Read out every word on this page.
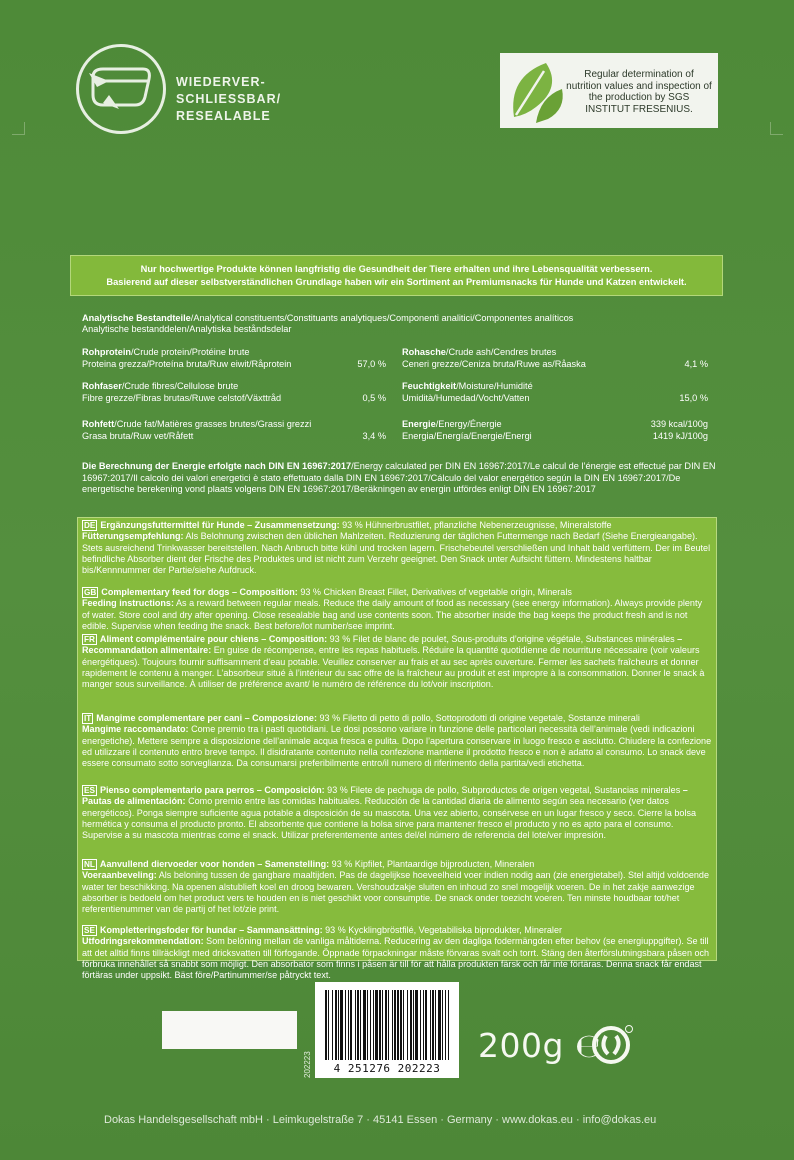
WIEDERVER-
SCHLIESSBAR/
RESEALABLE
Regular determination of nutrition values and inspection of the production by SGS INSTITUT FRESENIUS.
Nur hochwertige Produkte können langfristig die Gesundheit der Tiere erhalten und ihre Lebensqualität verbessern.
Basierend auf dieser selbstverständlichen Grundlage haben wir ein Sortiment an Premiumsnacks für Hunde und Katzen entwickelt.
Analytische Bestandteile/Analytical constituents/Constituants analytiques/Componenti analitici/Componentes analíticos
Analytische bestanddelen/Analytiska beståndsdelar
Rohprotein/Crude protein/Protéine brute
Proteina grezza/Proteína bruta/Ruw eiwit/Råprotein	57,0 %
Rohfaser/Crude fibres/Cellulose brute
Fibre grezze/Fibras brutas/Ruwe celstof/Växttråd	0,5 %
Rohfett/Crude fat/Matières grasses brutes/Grassi grezzi
Grasa bruta/Ruw vet/Råfett	3,4 %
Rohasche/Crude ash/Cendres brutes
Ceneri grezze/Ceniza bruta/Ruwe as/Råaska	4,1 %
Feuchtigkeit/Moisture/Humidité
Umidità/Humedad/Vocht/Vatten	15,0 %
Energie/Energy/Énergie
Energia/Energía/Energie/Energi
339 kcal/100g
1419 kJ/100g
Die Berechnung der Energie erfolgte nach DIN EN 16967:2017/Energy calculated per DIN EN 16967:2017/Le calcul de l’énergie est effectué par DIN EN 16967:2017/Il calcolo dei valori energetici è stato effettuato dalla DIN EN 16967:2017/Cálculo del valor energético según la DIN EN 16967:2017/De energetische berekening vond plaats volgens DIN EN 16967:2017/Beräkningen av energin utfördes enligt DIN EN 16967:2017
DE Ergänzungsfuttermittel für Hunde – Zusammensetzung: 93 % Hühnerbrustfilet, pflanzliche Nebenerzeugnisse, Mineralstoffe
Fütterungsempfehlung: Als Belohnung zwischen den üblichen Mahlzeiten. Reduzierung der täglichen Futtermenge nach Bedarf (Siehe Energieangabe). Stets ausreichend Trinkwasser bereitstellen. Nach Anbruch bitte kühl und trocken lagern. Frischebeutel verschließen und Inhalt bald verfüttern. Der im Beutel befindliche Absorber dient der Frische des Produktes und ist nicht zum Verzehr geeignet. Den Snack unter Aufsicht füttern. Mindestens haltbar bis/Kennnummer der Partie/siehe Aufdruck.
GB Complementary feed for dogs – Composition: 93 % Chicken Breast Fillet, Derivatives of vegetable origin, Minerals
Feeding instructions: As a reward between regular meals. Reduce the daily amount of food as necessary (see energy information). Always provide plenty of water. Store cool and dry after opening. Close resealable bag and use contents soon. The absorber inside the bag keeps the product fresh and is not edible. Supervise when feeding the snack. Best before/lot number/see imprint.
FR Aliment complémentaire pour chiens – Composition: 93 % Filet de blanc de poulet, Sous-produits d’origine végétale, Substances minérales – Recommandation alimentaire: En guise de récompense, entre les repas habituels. Réduire la quantité quotidienne de nourriture nécessaire (voir valeurs énergétiques). Toujours fournir suffisamment d’eau potable. Veuillez conserver au frais et au sec après ouverture. Fermer les sachets fraîcheurs et donner rapidement le contenu à manger. L’absorbeur situé à l’intérieur du sac offre de la fraîcheur au produit et est impropre à la consommation. Donner le snack à manger sous surveillance. À utiliser de préférence avant/ le numéro de référence du lot/voir inscription.
IT Mangime complementare per cani – Composizione: 93 % Filetto di petto di pollo, Sottoprodotti di origine vegetale, Sostanze minerali
Mangime raccomandato: Come premio tra i pasti quotidiani. Le dosi possono variare in funzione delle particolari necessità dell’animale (vedi indicazioni energetiche). Mettere sempre a disposizione dell’animale acqua fresca e pulita. Dopo l’apertura conservare in luogo fresco e asciutto. Chiudere la confezione ed utilizzare il contenuto entro breve tempo. Il disidratante contenuto nella confezione mantiene il prodotto fresco e non è adatto al consumo. Lo snack deve essere consumato sotto sorveglianza. Da consumarsi preferibilmente entro/il numero di riferimento della partita/vedi etichetta.
ES Pienso complementario para perros – Composición: 93 % Filete de pechuga de pollo, Subproductos de origen vegetal, Sustancias minerales – Pautas de alimentación: Como premio entre las comidas habituales. Reducción de la cantidad diaria de alimento según sea necesario (ver datos energéticos). Ponga siempre suficiente agua potable a disposición de su mascota. Una vez abierto, consérvese en un lugar fresco y seco. Cierre la bolsa hermética y consuma el producto pronto. El absorbente que contiene la bolsa sirve para mantener fresco el producto y no es apto para el consumo. Supervise a su mascota mientras come el snack. Utilizar preferentemente antes del/el número de referencia del lote/ver impresión.
NL Aanvullend diervoeder voor honden – Samenstelling: 93 % Kipfilet, Plantaardige bijproducten, Mineralen
Voeraanbeveling: Als beloning tussen de gangbare maaltijden. Pas de dagelijkse hoeveelheid voer indien nodig aan (zie energietabel). Stel altijd voldoende water ter beschikking. Na openen alstublieft koel en droog bewaren. Vershoudzakje sluiten en inhoud zo snel mogelijk voeren. De in het zakje aanwezige absorber is bedoeld om het product vers te houden en is niet geschikt voor consumptie. De snack onder toezicht voeren. Ten minste houdbaar tot/het referentienummer van de partij of het lot/zie print.
SE Kompletteringsfoder för hundar – Sammansättning: 93 % Kycklingbröstfilé, Vegetabiliska biprodukter, Mineraler
Utfodringsrekommendation: Som belöning mellan de vanliga måltiderna. Reducering av den dagliga fodermängden efter behov (se energiuppgifter). Se till att det alltid finns tillräckligt med dricksvatten till förfogande. Öppnade förpackningar måste förvaras svalt och torrt. Stäng den återförslutningsbara påsen och förbruka innehållet så snabbt som möjligt. Den absorbator som finns i påsen är till för att hålla produkten färsk och får inte förtäras. Denna snack får endast förtäras under uppsikt. Bäst före/Partinummer/se påtryckt text.
202223	4 251276 202223
200g ℮
Dokas Handelsgesellschaft mbH · Leimkugelstraße 7 · 45141 Essen · Germany · www.dokas.eu · info@dokas.eu
